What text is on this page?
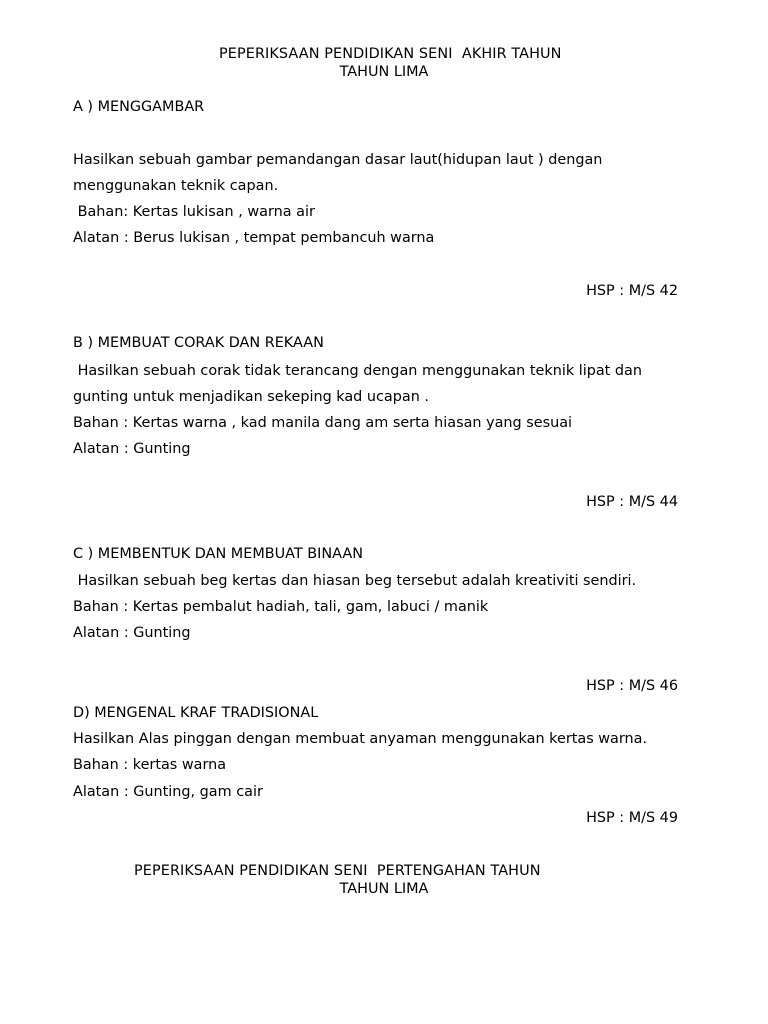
PEPERIKSAAN PENDIDIKAN SENI  AKHIR TAHUN
TAHUN LIMA
A ) MENGGAMBAR
Hasilkan sebuah gambar pemandangan dasar laut(hidupan laut ) dengan
menggunakan teknik capan.
Bahan: Kertas lukisan , warna air
Alatan : Berus lukisan , tempat pembancuh warna
HSP : M/S 42
B ) MEMBUAT CORAK DAN REKAAN
Hasilkan sebuah corak tidak terancang dengan menggunakan teknik lipat dan
gunting untuk menjadikan sekeping kad ucapan .
Bahan : Kertas warna , kad manila dang am serta hiasan yang sesuai
Alatan : Gunting
HSP : M/S 44
C ) MEMBENTUK DAN MEMBUAT BINAAN
Hasilkan sebuah beg kertas dan hiasan beg tersebut adalah kreativiti sendiri.
Bahan : Kertas pembalut hadiah, tali, gam, labuci / manik
Alatan : Gunting
HSP : M/S 46
D) MENGENAL KRAF TRADISIONAL
Hasilkan Alas pinggan dengan membuat anyaman menggunakan kertas warna.
Bahan : kertas warna
Alatan : Gunting, gam cair
HSP : M/S 49
PEPERIKSAAN PENDIDIKAN SENI  PERTENGAHAN TAHUN
TAHUN LIMA
